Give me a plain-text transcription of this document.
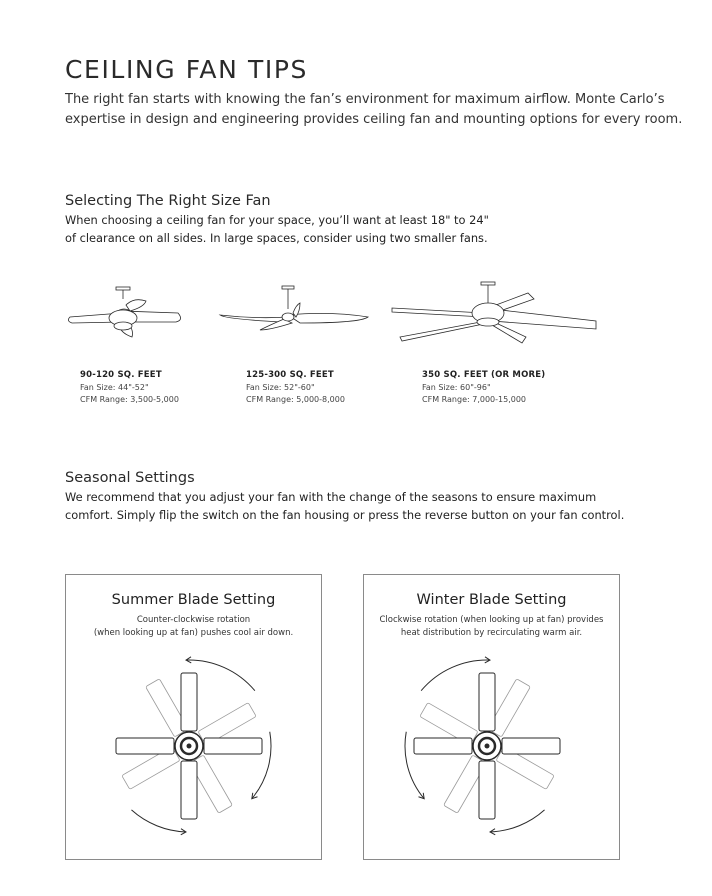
CEILING FAN TIPS
The right fan starts with knowing the fan’s environment for maximum airflow. Monte Carlo’s
expertise in design and engineering provides ceiling fan and mounting options for every room.
Selecting The Right Size Fan
When choosing a ceiling fan for your space, you’ll want at least 18" to 24"
of clearance on all sides. In large spaces, consider using two smaller fans.
90-120 SQ. FEET
Fan Size: 44"-52"
CFM Range: 3,500-5,000
125-300 SQ. FEET
Fan Size: 52"-60"
CFM Range: 5,000-8,000
350 SQ. FEET (OR MORE)
Fan Size: 60"-96"
CFM Range: 7,000-15,000
Seasonal Settings
We recommend that you adjust your fan with the change of the seasons to ensure maximum
comfort. Simply flip the switch on the fan housing or press the reverse button on your fan control.
Summer Blade Setting
Counter-clockwise rotation
(when looking up at fan) pushes cool air down.
Winter Blade Setting
Clockwise rotation (when looking up at fan) provides
heat distribution by recirculating warm air.
